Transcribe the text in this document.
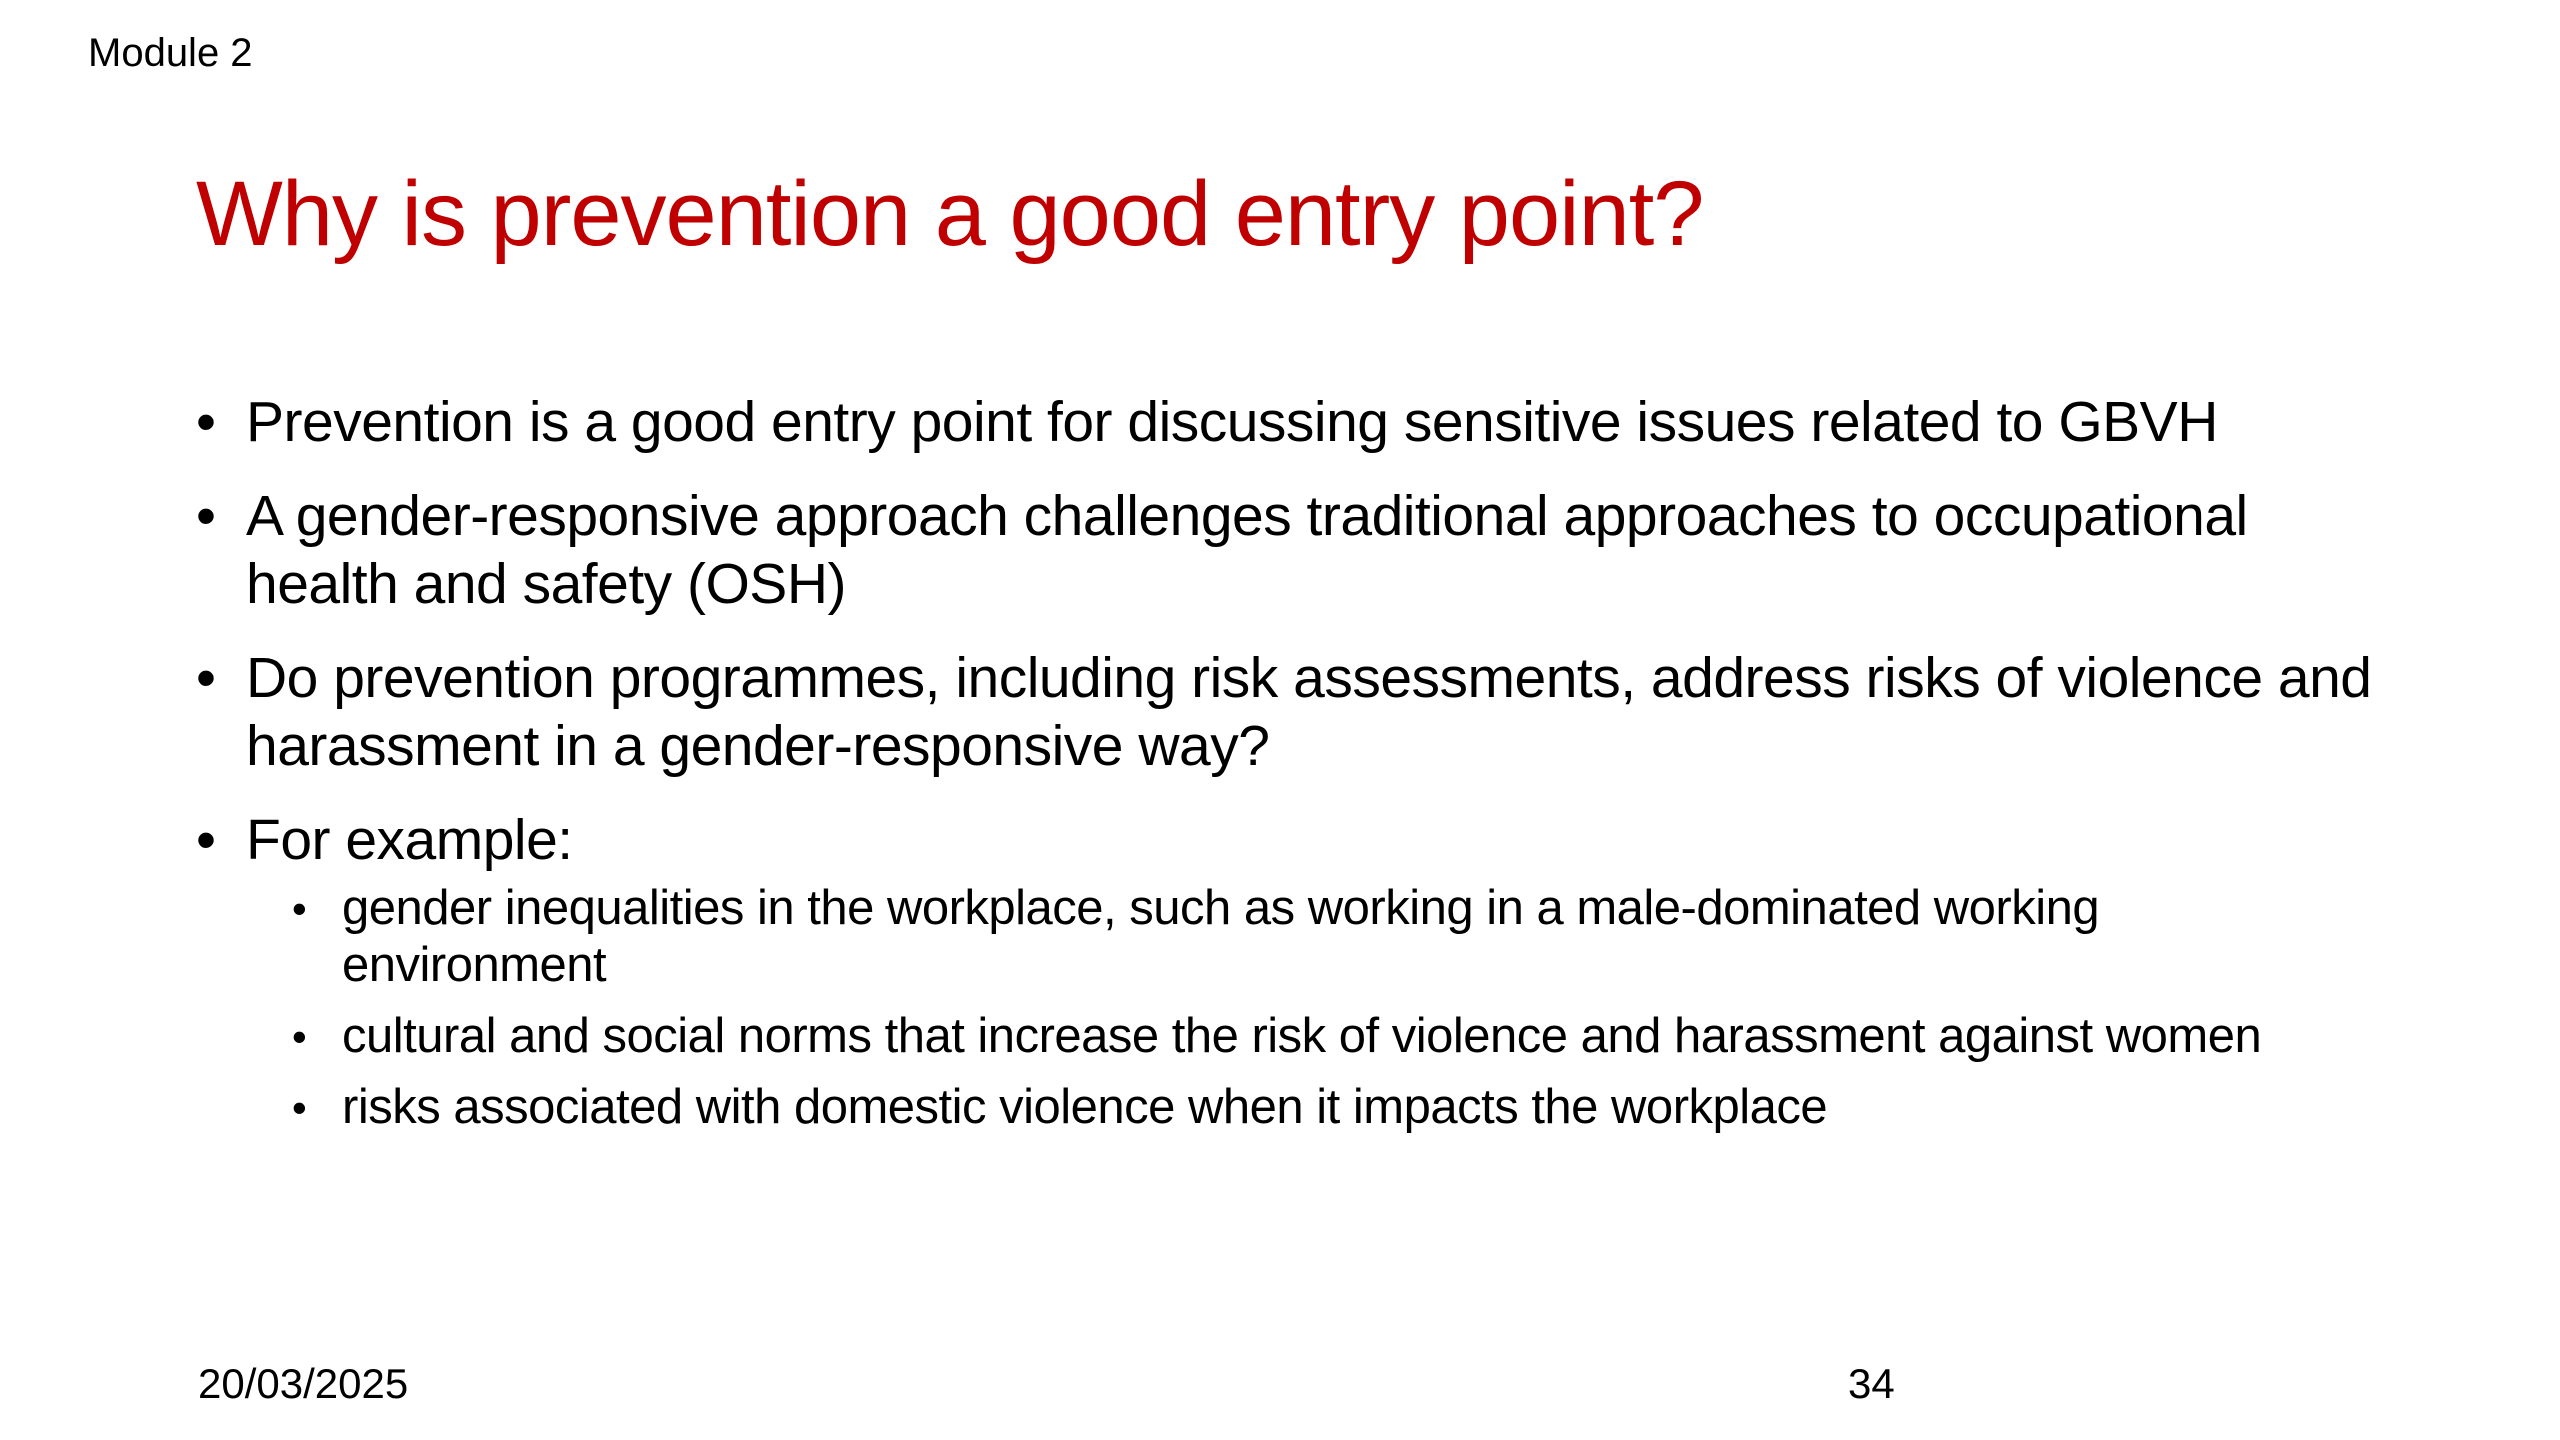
Module 2
Why is prevention a good entry point?
• Prevention is a good entry point for discussing sensitive issues related to GBVH
• A gender-responsive approach challenges traditional approaches to occupational health and safety (OSH)
• Do prevention programmes, including risk assessments, address risks of violence and harassment in a gender-responsive way?
• For example:
• gender inequalities in the workplace, such as working in a male-dominated working environment
• cultural and social norms that increase the risk of violence and harassment against women
• risks associated with domestic violence when it impacts the workplace
20/03/2025	34
